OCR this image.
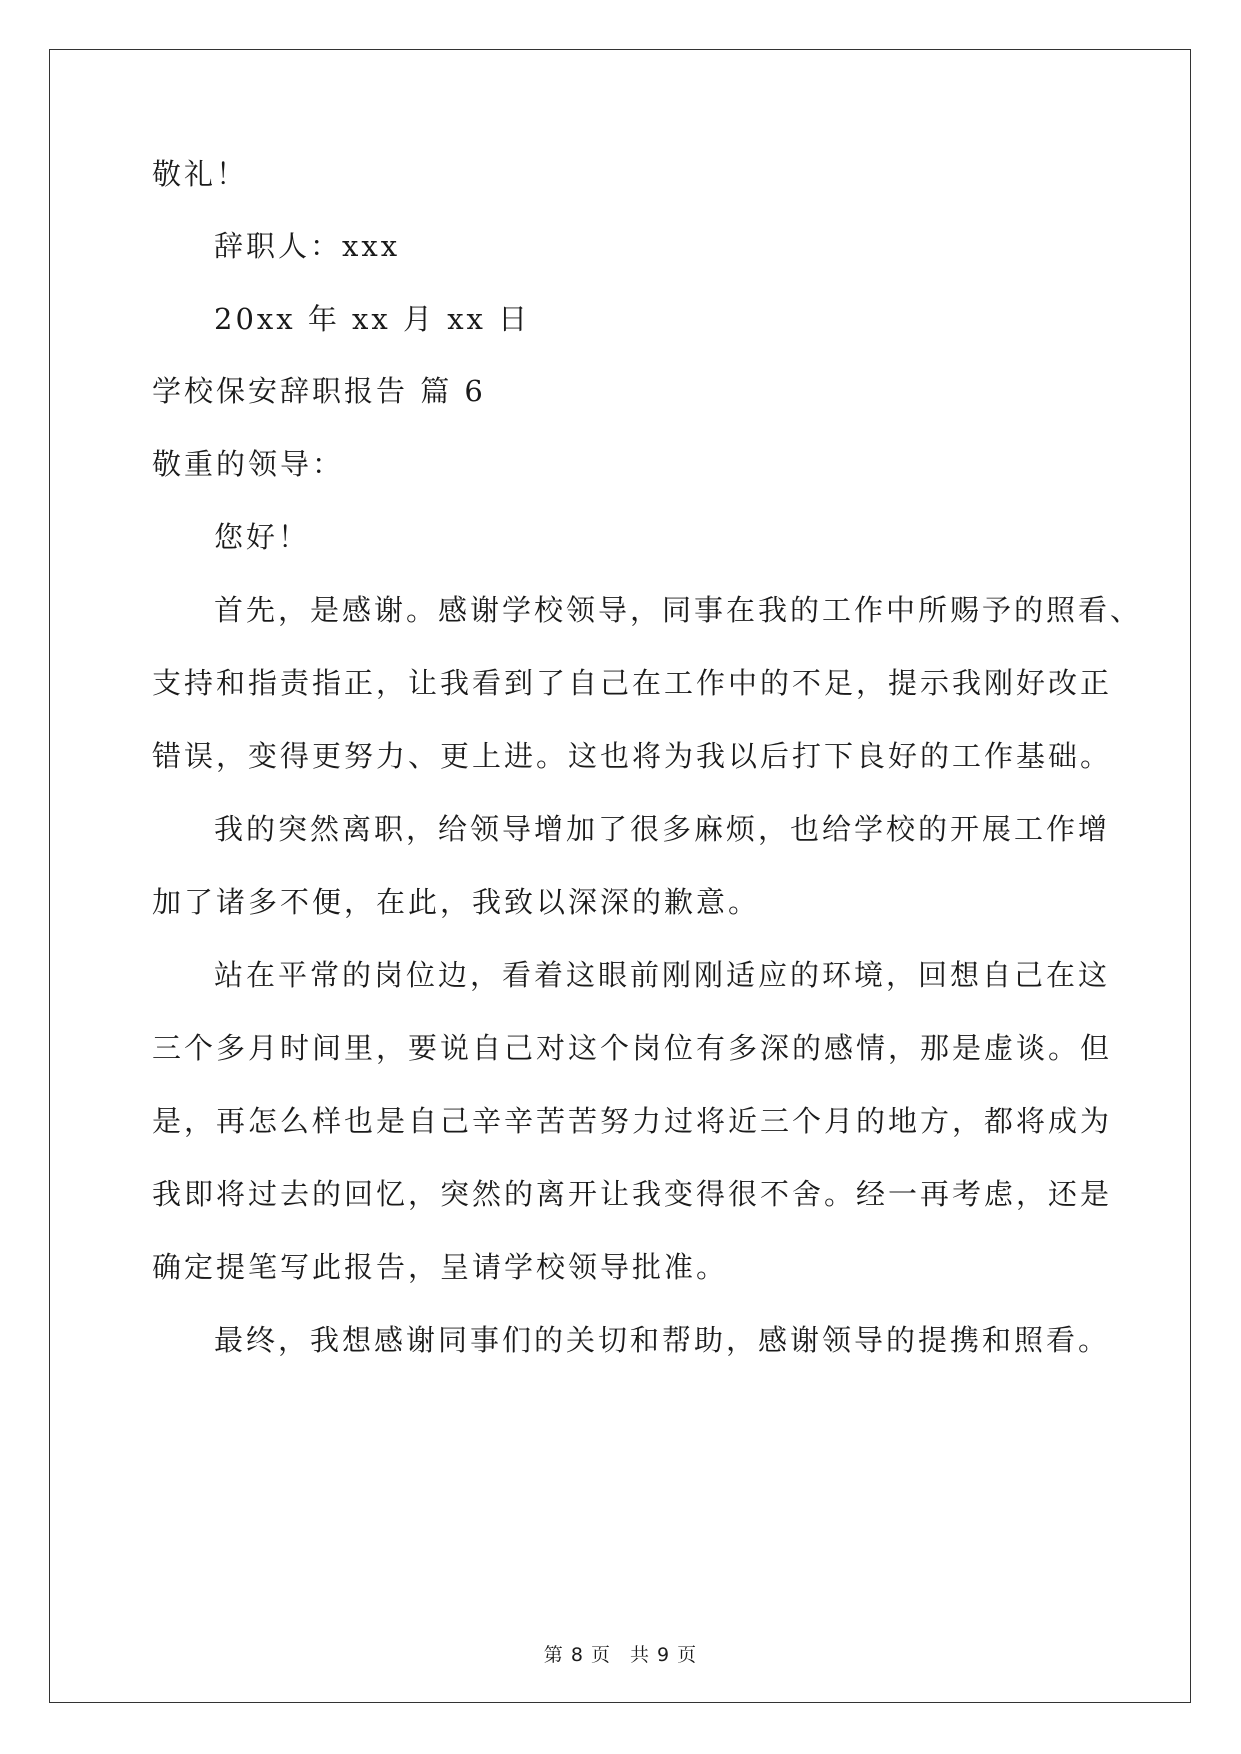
敬礼！
辞职人：xxx
20xx 年 xx 月 xx 日
学校保安辞职报告 篇 6
敬重的领导：
您好！
首先，是感谢。感谢学校领导，同事在我的工作中所赐予的照看、
支持和指责指正，让我看到了自己在工作中的不足，提示我刚好改正
错误，变得更努力、更上进。这也将为我以后打下良好的工作基础。
我的突然离职，给领导增加了很多麻烦，也给学校的开展工作增
加了诸多不便，在此，我致以深深的歉意。
站在平常的岗位边，看着这眼前刚刚适应的环境，回想自己在这
三个多月时间里，要说自己对这个岗位有多深的感情，那是虚谈。但
是，再怎么样也是自己辛辛苦苦努力过将近三个月的地方，都将成为
我即将过去的回忆，突然的离开让我变得很不舍。经一再考虑，还是
确定提笔写此报告，呈请学校领导批准。
最终，我想感谢同事们的关切和帮助，感谢领导的提携和照看。
第 8 页 共 9 页
